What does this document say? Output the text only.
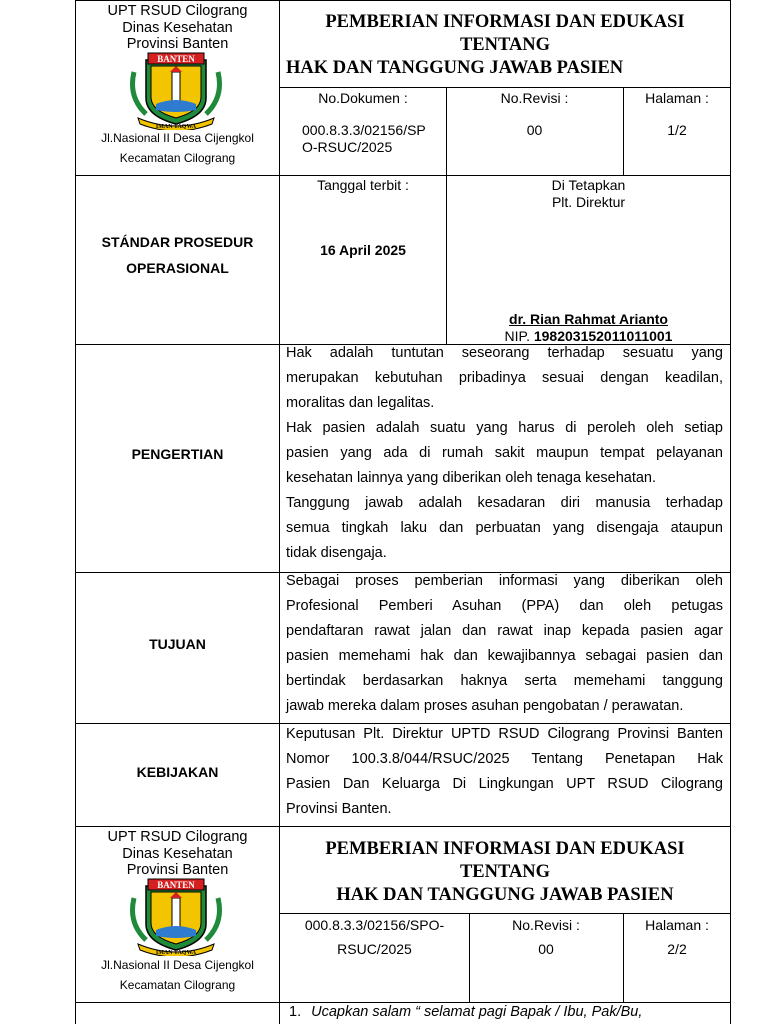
UPT RSUD Cilograng
Dinas Kesehatan
Provinsi Banten
BANTEN
IMAN TAQWA
Jl.Nasional II Desa Cijengkol
Kecamatan Cilograng
PEMBERIAN INFORMASI DAN EDUKASI
TENTANG
HAK DAN TANGGUNG JAWAB PASIEN
No.Dokumen :
000.8.3.3/02156/SP
O-RSUC/2025
No.Revisi :
00
Halaman :
1/2
STÁNDAR PROSEDUR
OPERASIONAL
Tanggal terbit :
16 April 2025
Di Tetapkan
Plt. Direktur
dr. Rian Rahmat Arianto
NIP. 198203152011011001
PENGERTIAN

Hak adalah tuntutan seseorang terhadap sesuatu yang

merupakan kebutuhan pribadinya sesuai dengan keadilan,

moralitas dan legalitas.

Hak pasien adalah suatu yang harus di peroleh oleh setiap

pasien yang ada di rumah sakit maupun tempat pelayanan

kesehatan lainnya yang diberikan oleh tenaga kesehatan.

Tanggung jawab adalah kesadaran diri manusia terhadap

semua tingkah laku dan perbuatan yang disengaja ataupun

tidak disengaja.

TUJUAN

Sebagai proses pemberian informasi yang diberikan oleh

Profesional Pemberi Asuhan (PPA) dan oleh petugas

pendaftaran rawat jalan dan rawat inap kepada pasien agar

pasien memehami hak dan kewajibannya sebagai pasien dan

bertindak berdasarkan haknya serta memehami tanggung

jawab mereka dalam proses asuhan pengobatan / perawatan.

KEBIJAKAN

Keputusan Plt. Direktur UPTD RSUD Cilograng Provinsi Banten

Nomor 100.3.8/044/RSUC/2025 Tentang Penetapan Hak

Pasien Dan Keluarga Di Lingkungan UPT RSUD Cilograng

Provinsi Banten.

UPT RSUD Cilograng
Dinas Kesehatan
Provinsi Banten
BANTEN
IMAN TAQWA
Jl.Nasional II Desa Cijengkol
Kecamatan Cilograng
PEMBERIAN INFORMASI DAN EDUKASI
TENTANG
HAK DAN TANGGUNG JAWAB PASIEN
000.8.3.3/02156/SPO-
RSUC/2025
No.Revisi :
00
Halaman :
2/2
1. Ucapkan salam “ selamat pagi Bapak / Ibu, Pak/Bu,
